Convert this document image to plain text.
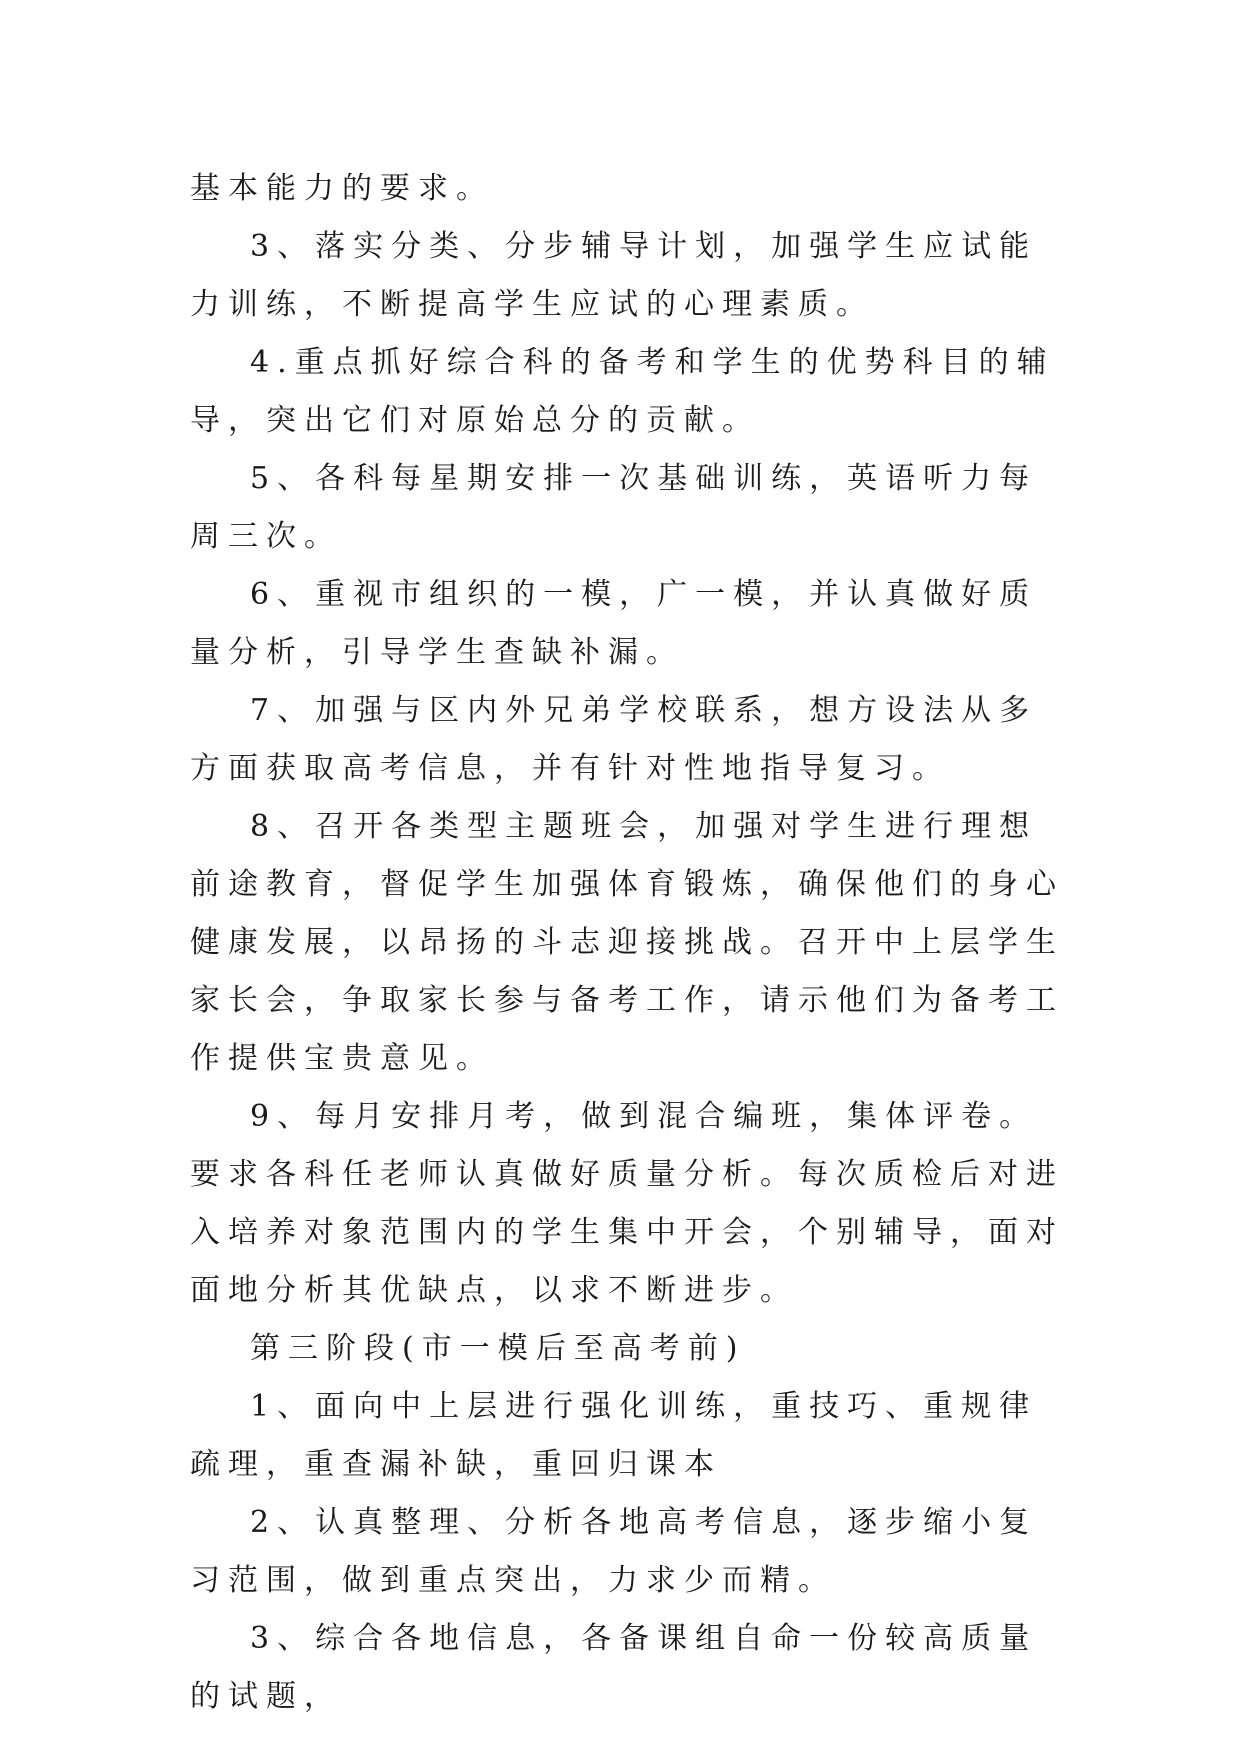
基本能力的要求。

3、落实分类、分步辅导计划，加强学生应试能力训练，不断提高学生应试的心理素质。

4.重点抓好综合科的备考和学生的优势科目的辅导，突出它们对原始总分的贡献。

5、各科每星期安排一次基础训练，英语听力每周三次。

6、重视市组织的一模，广一模，并认真做好质量分析，引导学生查缺补漏。

7、加强与区内外兄弟学校联系，想方设法从多方面获取高考信息，并有针对性地指导复习。

8、召开各类型主题班会，加强对学生进行理想前途教育，督促学生加强体育锻炼，确保他们的身心健康发展，以昂扬的斗志迎接挑战。召开中上层学生家长会，争取家长参与备考工作，请示他们为备考工作提供宝贵意见。

9、每月安排月考，做到混合编班，集体评卷。要求各科任老师认真做好质量分析。每次质检后对进入培养对象范围内的学生集中开会，个别辅导，面对面地分析其优缺点，以求不断进步。

第三阶段(市一模后至高考前)

1、面向中上层进行强化训练，重技巧、重规律疏理，重查漏补缺，重回归课本

2、认真整理、分析各地高考信息，逐步缩小复习范围，做到重点突出，力求少而精。

3、综合各地信息，各备课组自命一份较高质量的试题，
